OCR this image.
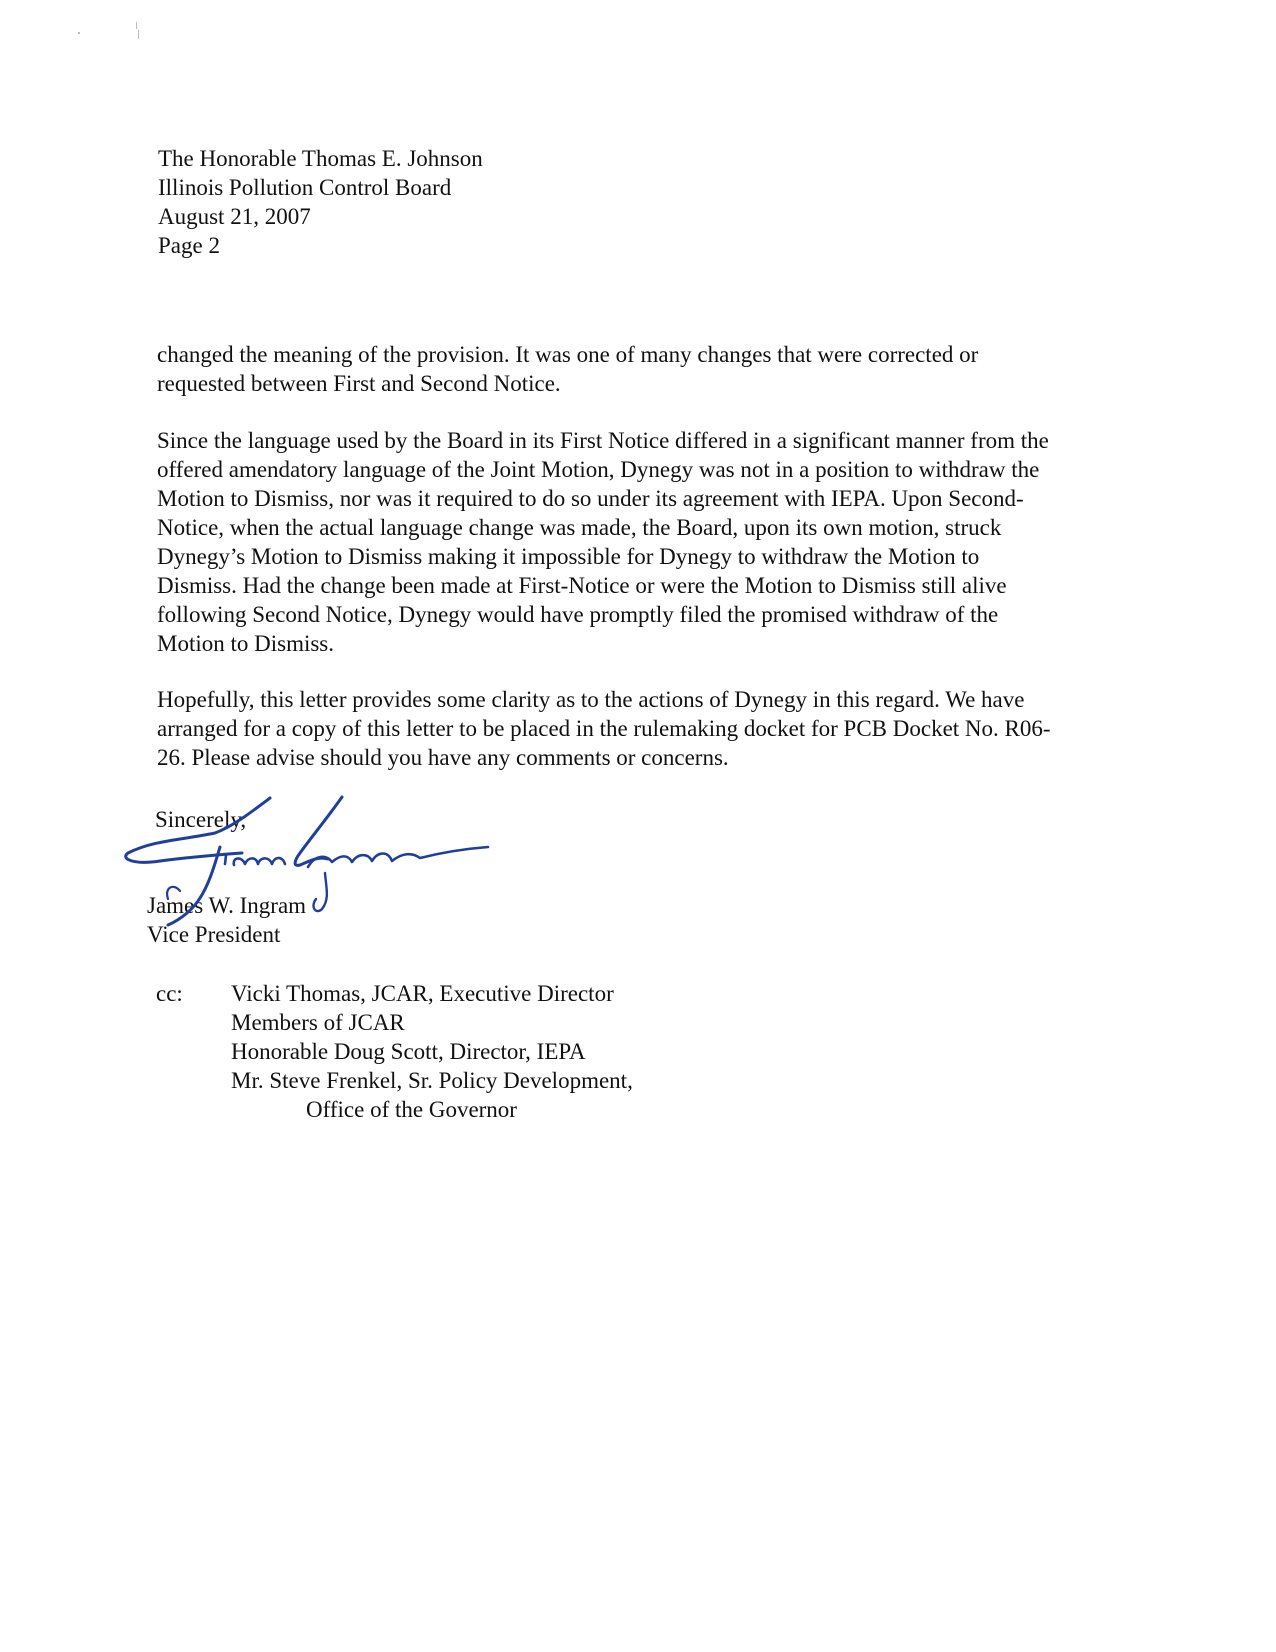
The Honorable Thomas E. Johnson
Illinois Pollution Control Board
August 21, 2007
Page 2
changed the meaning of the provision. It was one of many changes that were corrected or
requested between First and Second Notice.
Since the language used by the Board in its First Notice differed in a significant manner from the
offered amendatory language of the Joint Motion, Dynegy was not in a position to withdraw the
Motion to Dismiss, nor was it required to do so under its agreement with IEPA. Upon Second-
Notice, when the actual language change was made, the Board, upon its own motion, struck
Dynegy’s Motion to Dismiss making it impossible for Dynegy to withdraw the Motion to
Dismiss. Had the change been made at First-Notice or were the Motion to Dismiss still alive
following Second Notice, Dynegy would have promptly filed the promised withdraw of the
Motion to Dismiss.
Hopefully, this letter provides some clarity as to the actions of Dynegy in this regard. We have
arranged for a copy of this letter to be placed in the rulemaking docket for PCB Docket No. R06-
26. Please advise should you have any comments or concerns.
Sincerely,
James W. Ingram
Vice President
cc: Vicki Thomas, JCAR, Executive Director
Members of JCAR
Honorable Doug Scott, Director, IEPA
Mr. Steve Frenkel, Sr. Policy Development,
Office of the Governor
